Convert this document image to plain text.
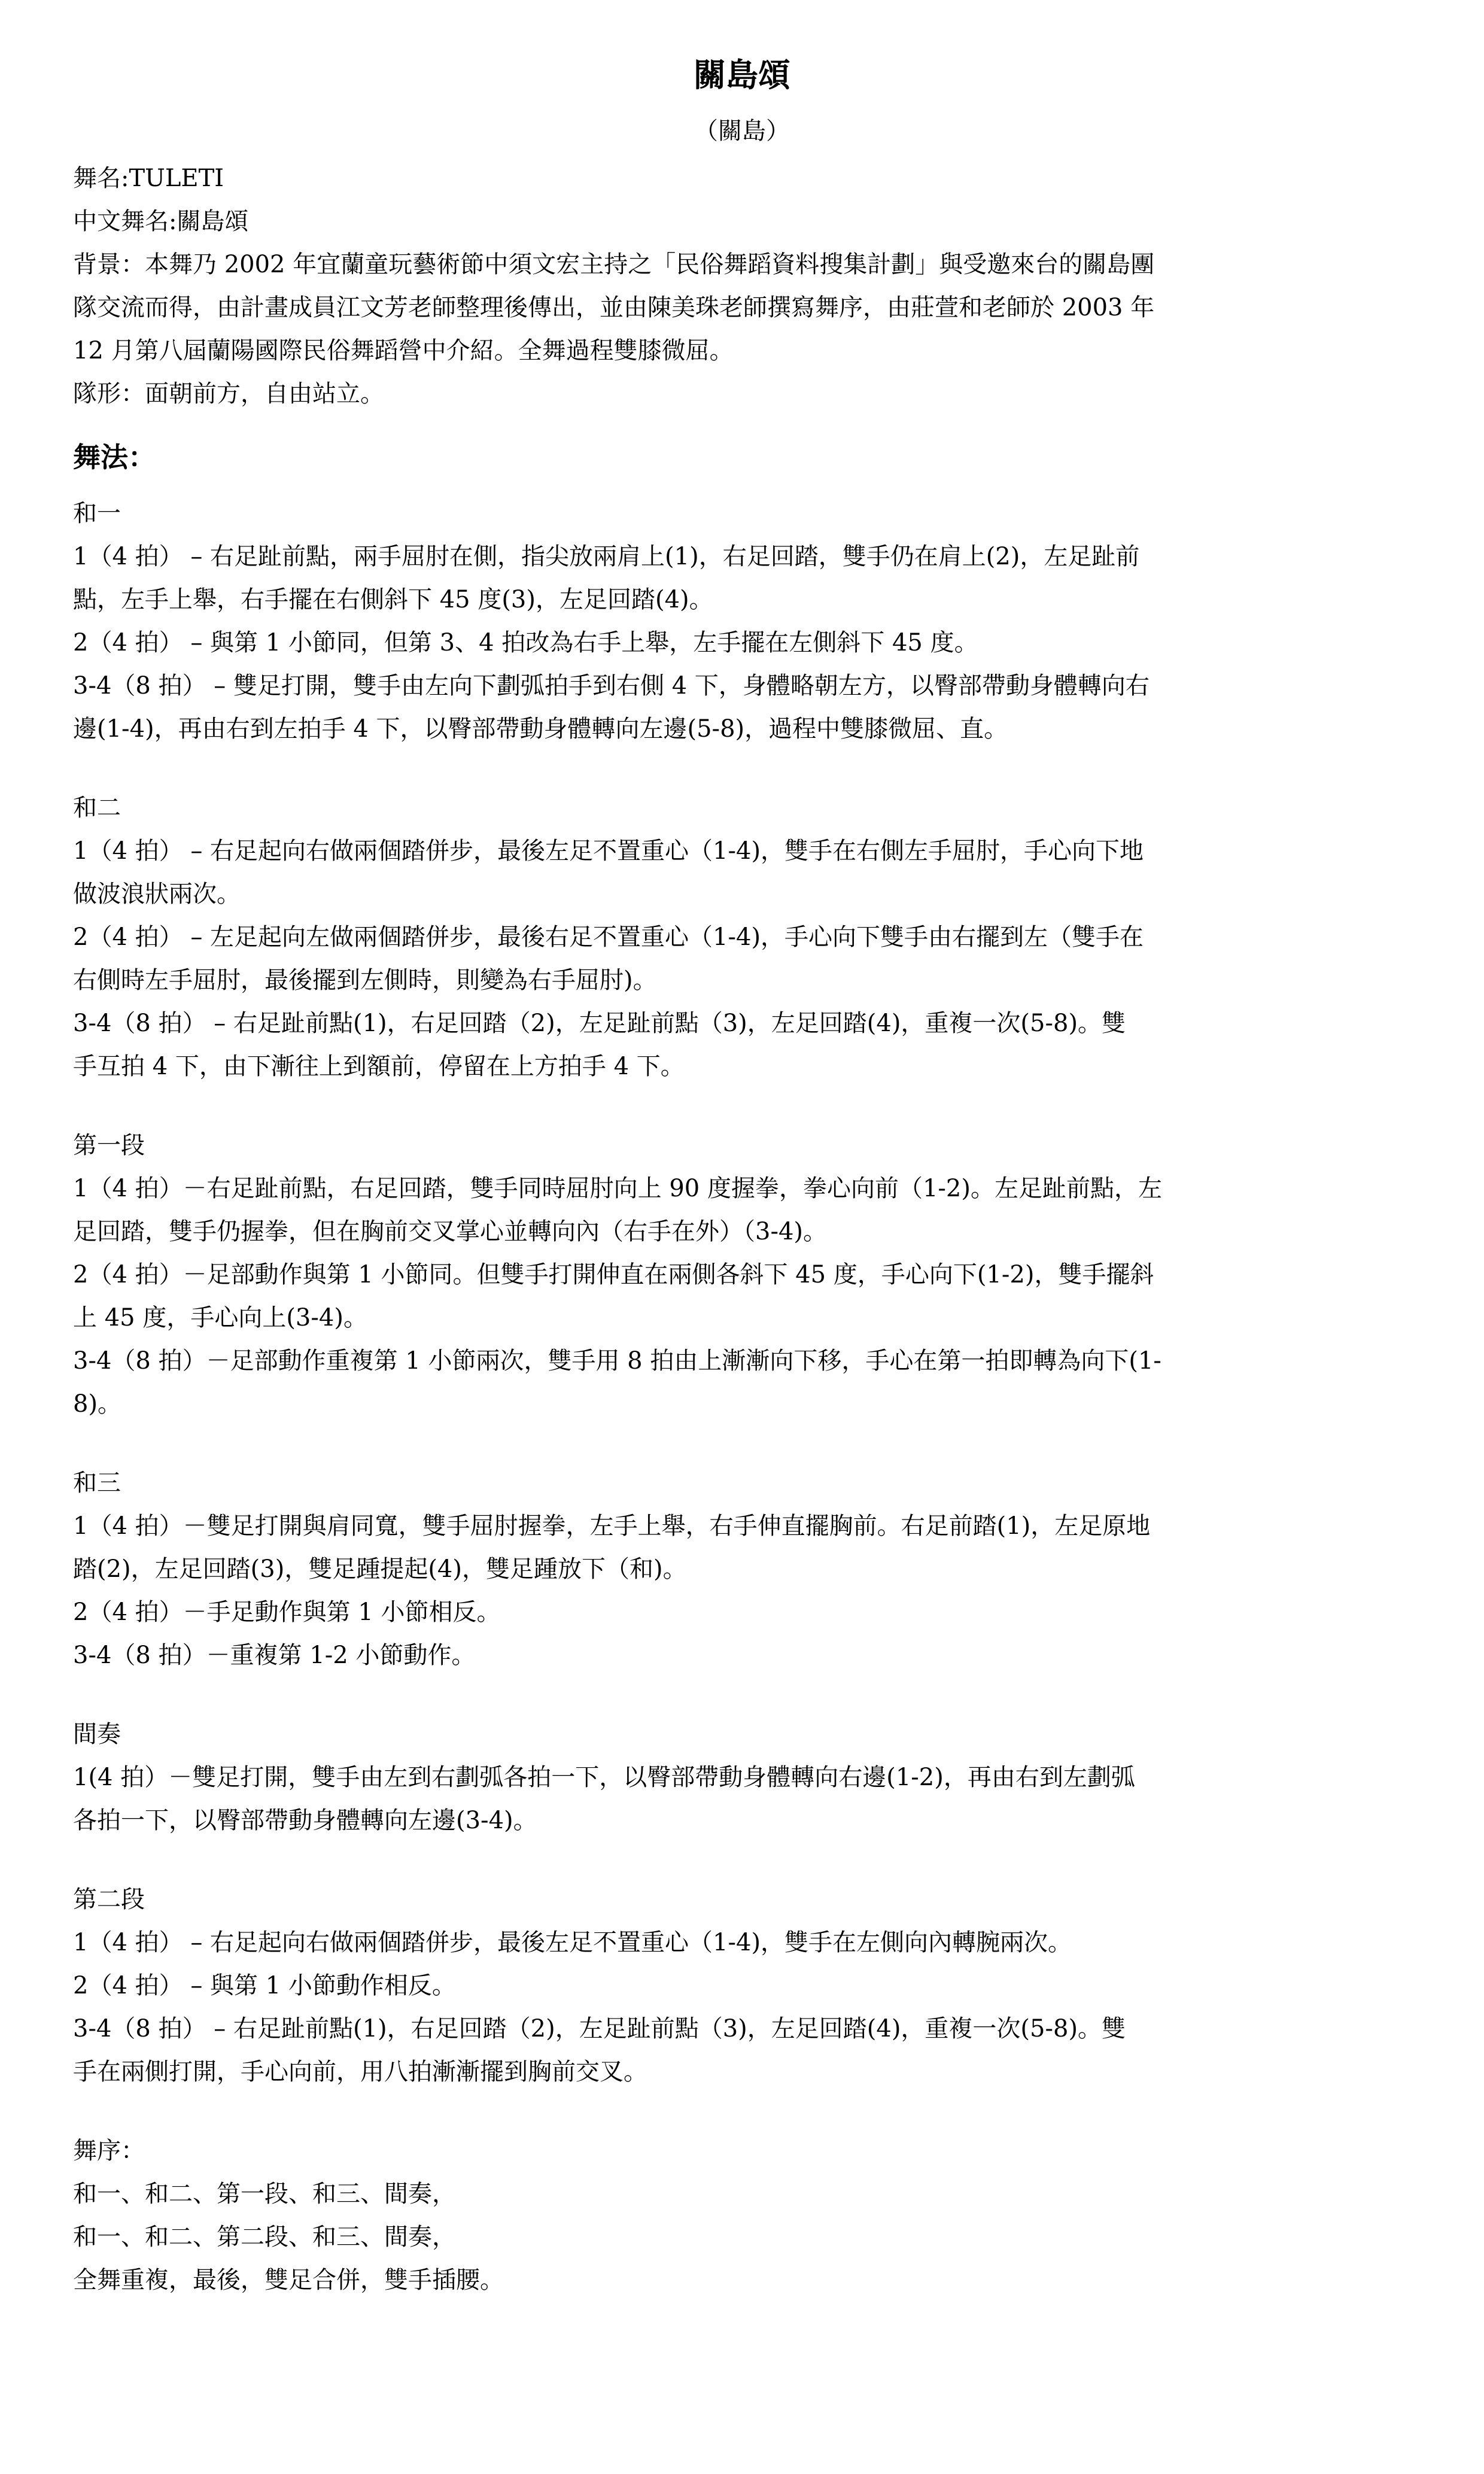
關島頌
（關島）

舞名:TULETI

中文舞名:關島頌

背景：本舞乃 2002 年宜蘭童玩藝術節中須文宏主持之「民俗舞蹈資料搜集計劃」與受邀來台的關島團

隊交流而得，由計畫成員江文芳老師整理後傳出，並由陳美珠老師撰寫舞序，由莊萱和老師於 2003 年

12 月第八屆蘭陽國際民俗舞蹈營中介紹。全舞過程雙膝微屈。

隊形：面朝前方，自由站立。

舞法：

和一

1（4 拍） – 右足趾前點，兩手屈肘在側，指尖放兩肩上(1)，右足回踏，雙手仍在肩上(2)，左足趾前

點，左手上舉，右手擺在右側斜下 45 度(3)，左足回踏(4)。

2（4 拍） – 與第 1 小節同，但第 3、4 拍改為右手上舉，左手擺在左側斜下 45 度。

3-4（8 拍） – 雙足打開，雙手由左向下劃弧拍手到右側 4 下，身體略朝左方，以臀部帶動身體轉向右

邊(1-4)，再由右到左拍手 4 下，以臀部帶動身體轉向左邊(5-8)，過程中雙膝微屈、直。

和二

1（4 拍） – 右足起向右做兩個踏併步，最後左足不置重心（1-4)，雙手在右側左手屈肘，手心向下地

做波浪狀兩次。

2（4 拍） – 左足起向左做兩個踏併步，最後右足不置重心（1-4)，手心向下雙手由右擺到左（雙手在

右側時左手屈肘，最後擺到左側時，則變為右手屈肘)。

3-4（8 拍） – 右足趾前點(1)，右足回踏（2)，左足趾前點（3)，左足回踏(4)，重複一次(5-8)。雙

手互拍 4 下，由下漸往上到額前，停留在上方拍手 4 下。

第一段

1（4 拍）－右足趾前點，右足回踏，雙手同時屈肘向上 90 度握拳，拳心向前（1-2)。左足趾前點，左

足回踏，雙手仍握拳，但在胸前交叉掌心並轉向內（右手在外）（3-4)。

2（4 拍）－足部動作與第 1 小節同。但雙手打開伸直在兩側各斜下 45 度，手心向下(1-2)，雙手擺斜

上 45 度，手心向上(3-4)。

3-4（8 拍）－足部動作重複第 1 小節兩次，雙手用 8 拍由上漸漸向下移，手心在第一拍即轉為向下(1-

8)。

和三

1（4 拍）－雙足打開與肩同寬，雙手屈肘握拳，左手上舉，右手伸直擺胸前。右足前踏(1)，左足原地

踏(2)，左足回踏(3)，雙足踵提起(4)，雙足踵放下（和)。

2（4 拍）－手足動作與第 1 小節相反。

3-4（8 拍）－重複第 1-2 小節動作。

間奏

1(4 拍）－雙足打開，雙手由左到右劃弧各拍一下，以臀部帶動身體轉向右邊(1-2)，再由右到左劃弧

各拍一下，以臀部帶動身體轉向左邊(3-4)。

第二段

1（4 拍） – 右足起向右做兩個踏併步，最後左足不置重心（1-4)，雙手在左側向內轉腕兩次。

2（4 拍） – 與第 1 小節動作相反。

3-4（8 拍） – 右足趾前點(1)，右足回踏（2)，左足趾前點（3)，左足回踏(4)，重複一次(5-8)。雙

手在兩側打開，手心向前，用八拍漸漸擺到胸前交叉。

舞序：

和一、和二、第一段、和三、間奏，

和一、和二、第二段、和三、間奏，

全舞重複，最後，雙足合併，雙手插腰。
